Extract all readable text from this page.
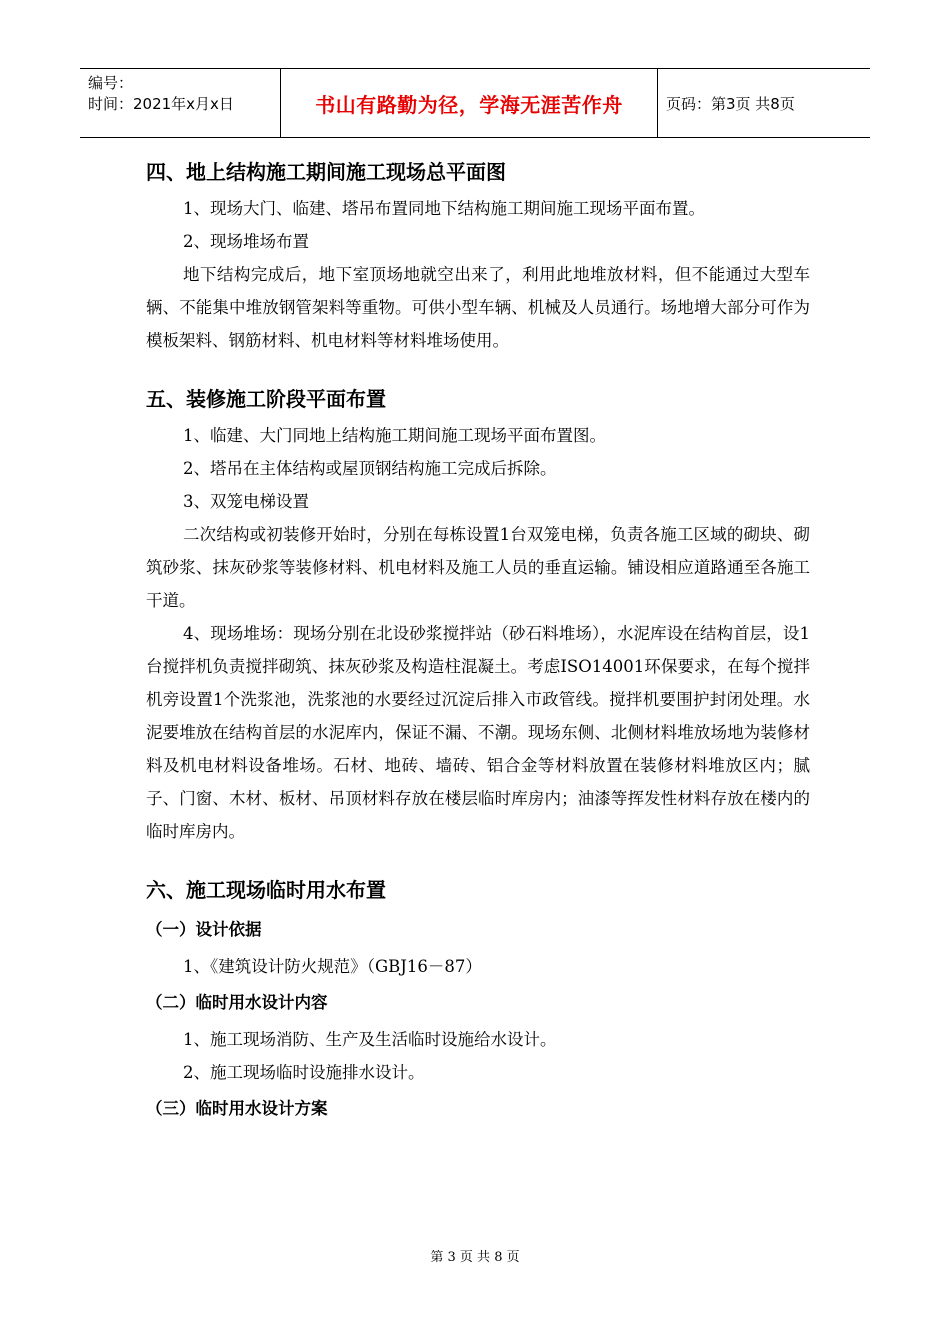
编号：
时间：2021年x月x日	书山有路勤为径，学海无涯苦作舟	页码：第3页 共8页
四、地上结构施工期间施工现场总平面图

1、现场大门、临建、塔吊布置同地下结构施工期间施工现场平面布置。

2、现场堆场布置

地下结构完成后，地下室顶场地就空出来了，利用此地堆放材料，但不能通过大型车辆、不能集中堆放钢管架料等重物。可供小型车辆、机械及人员通行。场地增大部分可作为模板架料、钢筋材料、机电材料等材料堆场使用。

五、装修施工阶段平面布置

1、临建、大门同地上结构施工期间施工现场平面布置图。

2、塔吊在主体结构或屋顶钢结构施工完成后拆除。

3、双笼电梯设置

二次结构或初装修开始时，分别在每栋设置1台双笼电梯，负责各施工区域的砌块、砌筑砂浆、抹灰砂浆等装修材料、机电材料及施工人员的垂直运输。铺设相应道路通至各施工干道。

4、现场堆场：现场分别在北设砂浆搅拌站（砂石料堆场），水泥库设在结构首层，设1台搅拌机负责搅拌砌筑、抹灰砂浆及构造柱混凝土。考虑ISO14001环保要求，在每个搅拌机旁设置1个洗浆池，洗浆池的水要经过沉淀后排入市政管线。搅拌机要围护封闭处理。水泥要堆放在结构首层的水泥库内，保证不漏、不潮。现场东侧、北侧材料堆放场地为装修材料及机电材料设备堆场。石材、地砖、墙砖、铝合金等材料放置在装修材料堆放区内；腻子、门窗、木材、板材、吊顶材料存放在楼层临时库房内；油漆等挥发性材料存放在楼内的临时库房内。

六、施工现场临时用水布置
（一）设计依据

1、《建筑设计防火规范》（GBJ16－87）

（二）临时用水设计内容

1、施工现场消防、生产及生活临时设施给水设计。

2、施工现场临时设施排水设计。

（三）临时用水设计方案
第 3 页 共 8 页
